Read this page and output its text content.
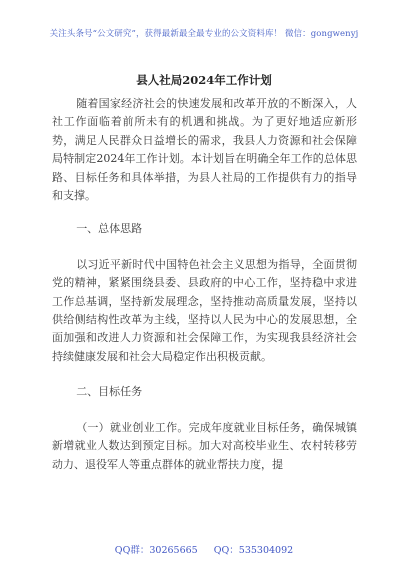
关注头条号“公文研究”，获得最新最全最专业的公文资料库！ 微信：gongwenyj
县人社局2024年工作计划

随着国家经济社会的快速发展和改革开放的不断深入，人社工作面临着前所未有的机遇和挑战。为了更好地适应新形势，满足人民群众日益增长的需求，我县人力资源和社会保障局特制定2024年工作计划。本计划旨在明确全年工作的总体思路、目标任务和具体举措，为县人社局的工作提供有力的指导和支撑。

一、总体思路

以习近平新时代中国特色社会主义思想为指导，全面贯彻党的精神，紧紧围绕县委、县政府的中心工作，坚持稳中求进工作总基调，坚持新发展理念，坚持推动高质量发展，坚持以供给侧结构性改革为主线，坚持以人民为中心的发展思想，全面加强和改进人力资源和社会保障工作，为实现我县经济社会持续健康发展和社会大局稳定作出积极贡献。

二、目标任务

（一）就业创业工作。完成年度就业目标任务，确保城镇新增就业人数达到预定目标。加大对高校毕业生、农村转移劳动力、退役军人等重点群体的就业帮扶力度，提

QQ群：30265665 QQ：535304092
